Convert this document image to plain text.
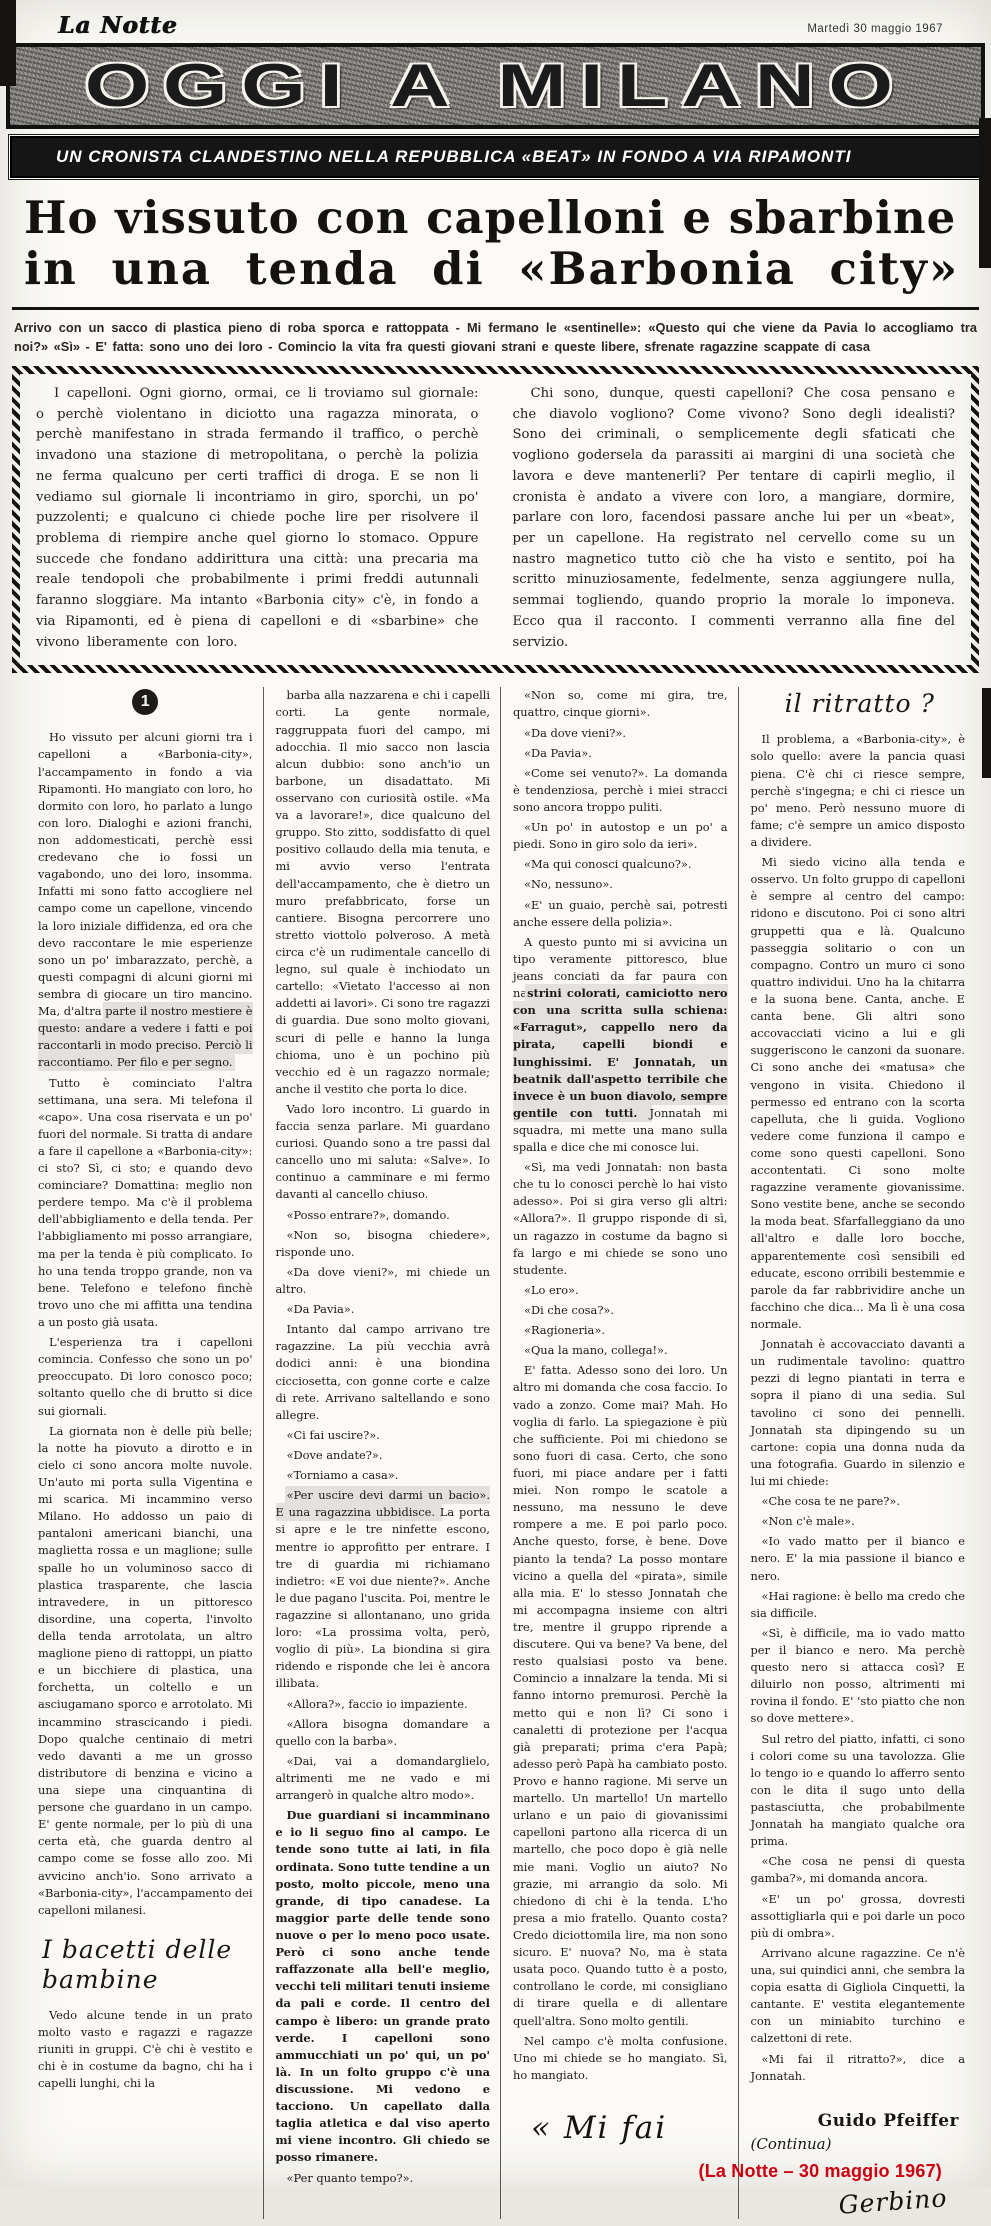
La Notte	Martedì 30 maggio 1967
OGGI A MILANO
UN CRONISTA CLANDESTINO NELLA REPUBBLICA «BEAT» IN FONDO A VIA RIPAMONTI
Ho vissuto con capelloni e sbarbine
in una tenda di «Barbonia city»
Arrivo con un sacco di plastica pieno di roba sporca e rattoppata - Mi fermano le «sentinelle»: «Questo qui che viene da Pavia lo accogliamo tra noi?» «Sì» - E' fatta: sono uno dei loro - Comincio la vita fra questi giovani strani e queste libere, sfrenate ragazzine scappate di casa
I capelloni. Ogni giorno, ormai, ce li troviamo sul giornale: o perchè violentano in diciotto una ragazza minorata, o perchè manifestano in strada fermando il traffico, o perchè invadono una stazione di metropolitana, o perchè la polizia ne ferma qualcuno per certi traffici di droga. E se non li vediamo sul giornale li incontriamo in giro, sporchi, un po' puzzolenti; e qualcuno ci chiede poche lire per risolvere il problema di riempire anche quel giorno lo stomaco. Oppure succede che fondano addirittura una città: una precaria ma reale tendopoli che probabilmente i primi freddi autunnali faranno sloggiare. Ma intanto «Barbonia city» c'è, in fondo a via Ripamonti, ed è piena di capelloni e di «sbarbine» che vivono liberamente con loro.
Chi sono, dunque, questi capelloni? Che cosa pensano e che diavolo vogliono? Come vivono? Sono degli idealisti? Sono dei criminali, o semplicemente degli sfaticati che vogliono godersela da parassiti ai margini di una società che lavora e deve mantenerli? Per tentare di capirli meglio, il cronista è andato a vivere con loro, a mangiare, dormire, parlare con loro, facendosi passare anche lui per un «beat», per un capellone. Ha registrato nel cervello come su un nastro magnetico tutto ciò che ha visto e sentito, poi ha scritto minuziosamente, fedelmente, senza aggiungere nulla, semmai togliendo, quando proprio la morale lo imponeva. Ecco qua il racconto. I commenti verranno alla fine del servizio.
1
Ho vissuto per alcuni giorni tra i capelloni a «Barbonia-city», l'accampamento in fondo a via Ripamonti. Ho mangiato con loro, ho dormito con loro, ho parlato a lungo con loro. Dialoghi e azioni franchi, non addomesticati, perchè essi credevano che io fossi un vagabondo, uno dei loro, insomma. Infatti mi sono fatto accogliere nel campo come un capellone, vincendo la loro iniziale diffidenza, ed ora che devo raccontare le mie esperienze sono un po' imbarazzato, perchè, a questi compagni di alcuni giorni mi sembra di giocare un tiro mancino. Ma, d'altra parte il nostro mestiere è questo: andare a vedere i fatti e poi raccontarli in modo preciso. Perciò li raccontiamo. Per filo e per segno.
Tutto è cominciato l'altra settimana, una sera. Mi telefona il «capo». Una cosa riservata e un po' fuori del normale. Si tratta di andare a fare il capellone a «Barbonia-city»: ci sto? Sì, ci sto; e quando devo cominciare? Domattina: meglio non perdere tempo. Ma c'è il problema dell'abbigliamento e della tenda. Per l'abbigliamento mi posso arrangiare, ma per la tenda è più complicato. Io ho una tenda troppo grande, non va bene. Telefono e telefono finchè trovo uno che mi affitta una tendina a un posto già usata.
L'esperienza tra i capelloni comincia. Confesso che sono un po' preoccupato. Di loro conosco poco; soltanto quello che di brutto si dice sui giornali.
La giornata non è delle più belle; la notte ha piovuto a dirotto e in cielo ci sono ancora molte nuvole. Un'auto mi porta sulla Vigentina e mi scarica. Mi incammino verso Milano. Ho addosso un paio di pantaloni americani bianchi, una maglietta rossa e un maglione; sulle spalle ho un voluminoso sacco di plastica trasparente, che lascia intravedere, in un pittoresco disordine, una coperta, l'involto della tenda arrotolata, un altro maglione pieno di rattoppi, un piatto e un bicchiere di plastica, una forchetta, un coltello e un asciugamano sporco e arrotolato. Mi incammino strascicando i piedi. Dopo qualche centinaio di metri vedo davanti a me un grosso distributore di benzina e vicino a una siepe una cinquantina di persone che guardano in un campo. E' gente normale, per lo più di una certa età, che guarda dentro al campo come se fosse allo zoo. Mi avvicino anch'io. Sono arrivato a «Barbonia-city», l'accampamento dei capelloni milanesi.
I bacetti delle bambine
Vedo alcune tende in un prato molto vasto e ragazzi e ragazze riuniti in gruppi. C'è chi è vestito e chi è in costume da bagno, chi ha i capelli lunghi, chi la
barba alla nazzarena e chi i capelli corti. La gente normale, raggruppata fuori del campo, mi adocchia. Il mio sacco non lascia alcun dubbio: sono anch'io un barbone, un disadattato. Mi osservano con curiosità ostile. «Ma va a lavorare!», dice qualcuno del gruppo. Sto zitto, soddisfatto di quel positivo collaudo della mia tenuta, e mi avvio verso l'entrata dell'accampamento, che è dietro un muro prefabbricato, forse un cantiere. Bisogna percorrere uno stretto viottolo polveroso. A metà circa c'è un rudimentale cancello di legno, sul quale è inchiodato un cartello: «Vietato l'accesso ai non addetti ai lavori». Ci sono tre ragazzi di guardia. Due sono molto giovani, scuri di pelle e hanno la lunga chioma, uno è un pochino più vecchio ed è un ragazzo normale; anche il vestito che porta lo dice.
Vado loro incontro. Li guardo in faccia senza parlare. Mi guardano curiosi. Quando sono a tre passi dal cancello uno mi saluta: «Salve». Io continuo a camminare e mi fermo davanti al cancello chiuso.
«Posso entrare?», domando.
«Non so, bisogna chiedere», risponde uno.
«Da dove vieni?», mi chiede un altro.
«Da Pavia».
Intanto dal campo arrivano tre ragazzine. La più vecchia avrà dodici anni: è una biondina cicciosetta, con gonne corte e calze di rete. Arrivano saltellando e sono allegre.
«Ci fai uscire?».
«Dove andate?».
«Torniamo a casa».
«Per uscire devi darmi un bacio». E una ragazzina ubbidisce. La porta si apre e le tre ninfette escono, mentre io approfitto per entrare. I tre di guardia mi richiamano indietro: «E voi due niente?». Anche le due pagano l'uscita. Poi, mentre le ragazzine si allontanano, uno grida loro: «La prossima volta, però, voglio di più». La biondina si gira ridendo e risponde che lei è ancora illibata.
«Allora?», faccio io impaziente.
«Allora bisogna domandare a quello con la barba».
«Dai, vai a domandarglielo, altrimenti me ne vado e mi arrangerò in qualche altro modo».
Due guardiani si incamminano e io li seguo fino al campo. Le tende sono tutte ai lati, in fila ordinata. Sono tutte tendine a un posto, molto piccole, meno una grande, di tipo canadese. La maggior parte delle tende sono nuove o per lo meno poco usate. Però ci sono anche tende raffazzonate alla bell'e meglio, vecchi teli militari tenuti insieme da pali e corde. Il centro del campo è libero: un grande prato verde. I capelloni sono ammucchiati un po' qui, un po' là. In un folto gruppo c'è una discussione. Mi vedono e tacciono. Un capellato dalla taglia atletica e dal viso aperto mi viene incontro. Gli chiedo se posso rimanere.
«Per quanto tempo?».
«Non so, come mi gira, tre, quattro, cinque giorni».
«Da dove vieni?».
«Da Pavia».
«Come sei venuto?». La domanda è tendenziosa, perchè i miei stracci sono ancora troppo puliti.
«Un po' in autostop e un po' a piedi. Sono in giro solo da ieri».
«Ma qui conosci qualcuno?».
«No, nessuno».
«E' un guaio, perchè sai, potresti anche essere della polizia».
A questo punto mi si avvicina un tipo veramente pittoresco, blue jeans conciati da far paura con nastrini colorati, camiciotto nero con una scritta sulla schiena: «Farragut», cappello nero da pirata, capelli biondi e lunghissimi. E' Jonnatah, un beatnik dall'aspetto terribile che invece è un buon diavolo, sempre gentile con tutti. Jonnatah mi squadra, mi mette una mano sulla spalla e dice che mi conosce lui.
«Sì, ma vedi Jonnatah: non basta che tu lo conosci perchè lo hai visto adesso». Poi si gira verso gli altri: «Allora?». Il gruppo risponde di sì, un ragazzo in costume da bagno si fa largo e mi chiede se sono uno studente.
«Lo ero».
«Di che cosa?».
«Ragioneria».
«Qua la mano, collega!».
E' fatta. Adesso sono dei loro. Un altro mi domanda che cosa faccio. Io vado a zonzo. Come mai? Mah. Ho voglia di farlo. La spiegazione è più che sufficiente. Poi mi chiedono se sono fuori di casa. Certo, che sono fuori, mi piace andare per i fatti miei. Non rompo le scatole a nessuno, ma nessuno le deve rompere a me. E poi parlo poco. Anche questo, forse, è bene. Dove pianto la tenda? La posso montare vicino a quella del «pirata», simile alla mia. E' lo stesso Jonnatah che mi accompagna insieme con altri tre, mentre il gruppo riprende a discutere. Qui va bene? Va bene, del resto qualsiasi posto va bene. Comincio a innalzare la tenda. Mi si fanno intorno premurosi. Perchè la metto qui e non lì? Ci sono i canaletti di protezione per l'acqua già preparati; prima c'era Papà; adesso però Papà ha cambiato posto. Provo e hanno ragione. Mi serve un martello. Un martello! Un martello urlano e un paio di giovanissimi capelloni partono alla ricerca di un martello, che poco dopo è già nelle mie mani. Voglio un aiuto? No grazie, mi arrangio da solo. Mi chiedono di chi è la tenda. L'ho presa a mio fratello. Quanto costa? Credo diciottomila lire, ma non sono sicuro. E' nuova? No, ma è stata usata poco. Quando tutto è a posto, controllano le corde, mi consigliano di tirare quella e di allentare quell'altra. Sono molto gentili.
Nel campo c'è molta confusione. Uno mi chiede se ho mangiato. Sì, ho mangiato.
« Mi fai
il ritratto ?
Il problema, a «Barbonia-city», è solo quello: avere la pancia quasi piena. C'è chi ci riesce sempre, perchè s'ingegna; e chi ci riesce un po' meno. Però nessuno muore di fame; c'è sempre un amico disposto a dividere.
Mi siedo vicino alla tenda e osservo. Un folto gruppo di capelloni è sempre al centro del campo: ridono e discutono. Poi ci sono altri gruppetti qua e là. Qualcuno passeggia solitario o con un compagno. Contro un muro ci sono quattro individui. Uno ha la chitarra e la suona bene. Canta, anche. E canta bene. Gli altri sono accovacciati vicino a lui e gli suggeriscono le canzoni da suonare. Ci sono anche dei «matusa» che vengono in visita. Chiedono il permesso ed entrano con la scorta capelluta, che li guida. Vogliono vedere come funziona il campo e come sono questi capelloni. Sono accontentati. Ci sono molte ragazzine veramente giovanissime. Sono vestite bene, anche se secondo la moda beat. Sfarfalleggiano da uno all'altro e dalle loro bocche, apparentemente così sensibili ed educate, escono orribili bestemmie e parole da far rabbrividire anche un facchino che dica... Ma lì è una cosa normale.
Jonnatah è accovacciato davanti a un rudimentale tavolino: quattro pezzi di legno piantati in terra e sopra il piano di una sedia. Sul tavolino ci sono dei pennelli. Jonnatah sta dipingendo su un cartone: copia una donna nuda da una fotografia. Guardo in silenzio e lui mi chiede:
«Che cosa te ne pare?».
«Non c'è male».
«Io vado matto per il bianco e nero. E' la mia passione il bianco e nero.
«Hai ragione: è bello ma credo che sia difficile.
«Sì, è difficile, ma io vado matto per il bianco e nero. Ma perchè questo nero si attacca così? E diluirlo non posso, altrimenti mi rovina il fondo. E' 'sto piatto che non so dove mettere».
Sul retro del piatto, infatti, ci sono i colori come su una tavolozza. Glie lo tengo io e quando lo afferro sento con le dita il sugo unto della pastasciutta, che probabilmente Jonnatah ha mangiato qualche ora prima.
«Che cosa ne pensi di questa gamba?», mi domanda ancora.
«E' un po' grossa, dovresti assottigliarla qui e poi darle un poco più di ombra».
Arrivano alcune ragazzine. Ce n'è una, sui quindici anni, che sembra la copia esatta di Gigliola Cinquetti, la cantante. E' vestita elegantemente con un miniabito turchino e calzettoni di rete.
«Mi fai il ritratto?», dice a Jonnatah.
Guido Pfeiffer
(Continua)
(La Notte – 30 maggio 1967)
Gerbino
